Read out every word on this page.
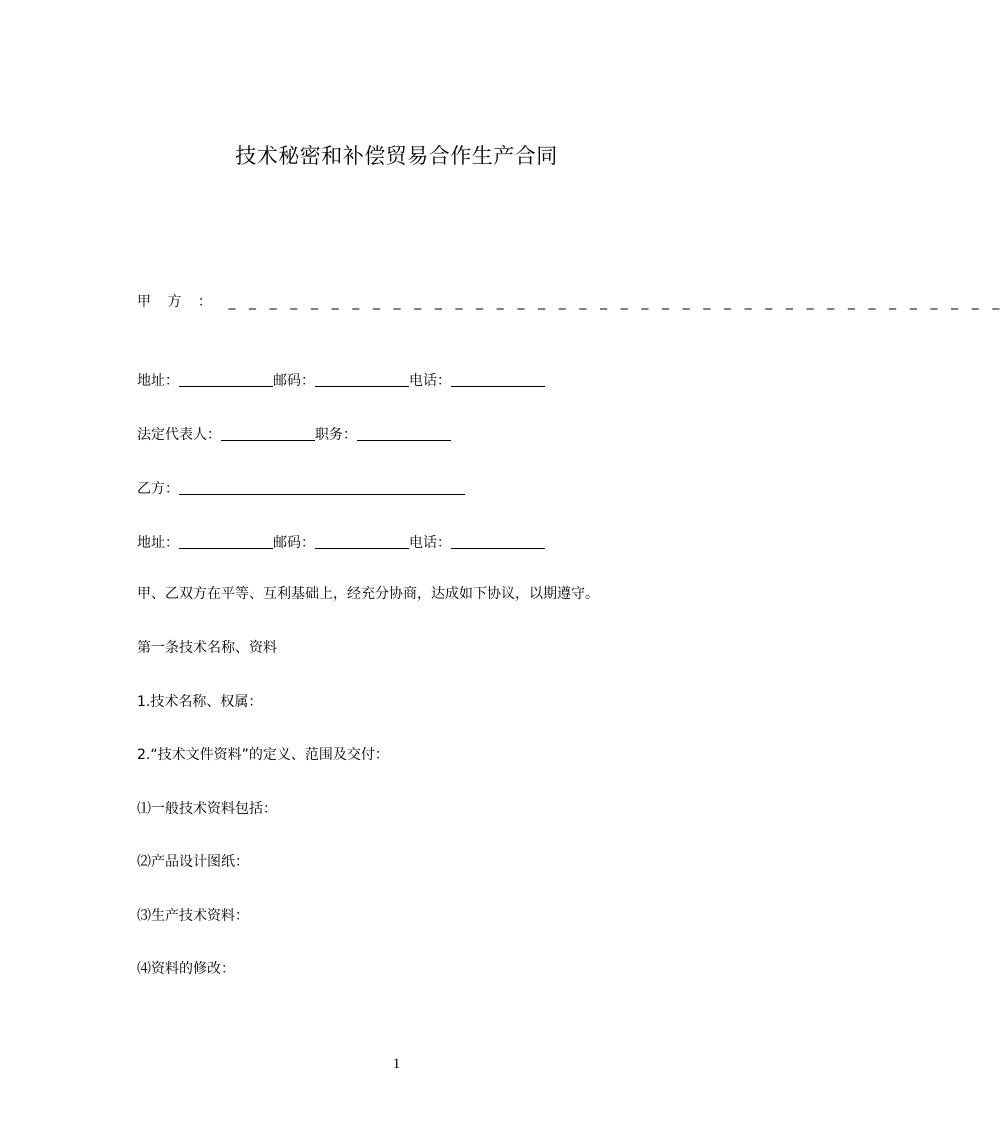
技术秘密和补偿贸易合作生产合同
甲 方 ： _ _ _ _ _ _ _ _ _ _ _ _ _ _ _ _ _ _ _ _ _ _ _ _ _ _ _ _ _ _ _ _ _ _ _ _ _ _
地址：	邮码：	电话：
法定代表人：	职务：
乙方：
地址：	邮码：	电话：
甲、乙双方在平等、互利基础上，经充分协商，达成如下协议，以期遵守。
第一条技术名称、资料
1.技术名称、权属：
2.“技术文件资料”的定义、范围及交付：
⑴一般技术资料包括：
⑵产品设计图纸：
⑶生产技术资料：
⑷资料的修改：
1
